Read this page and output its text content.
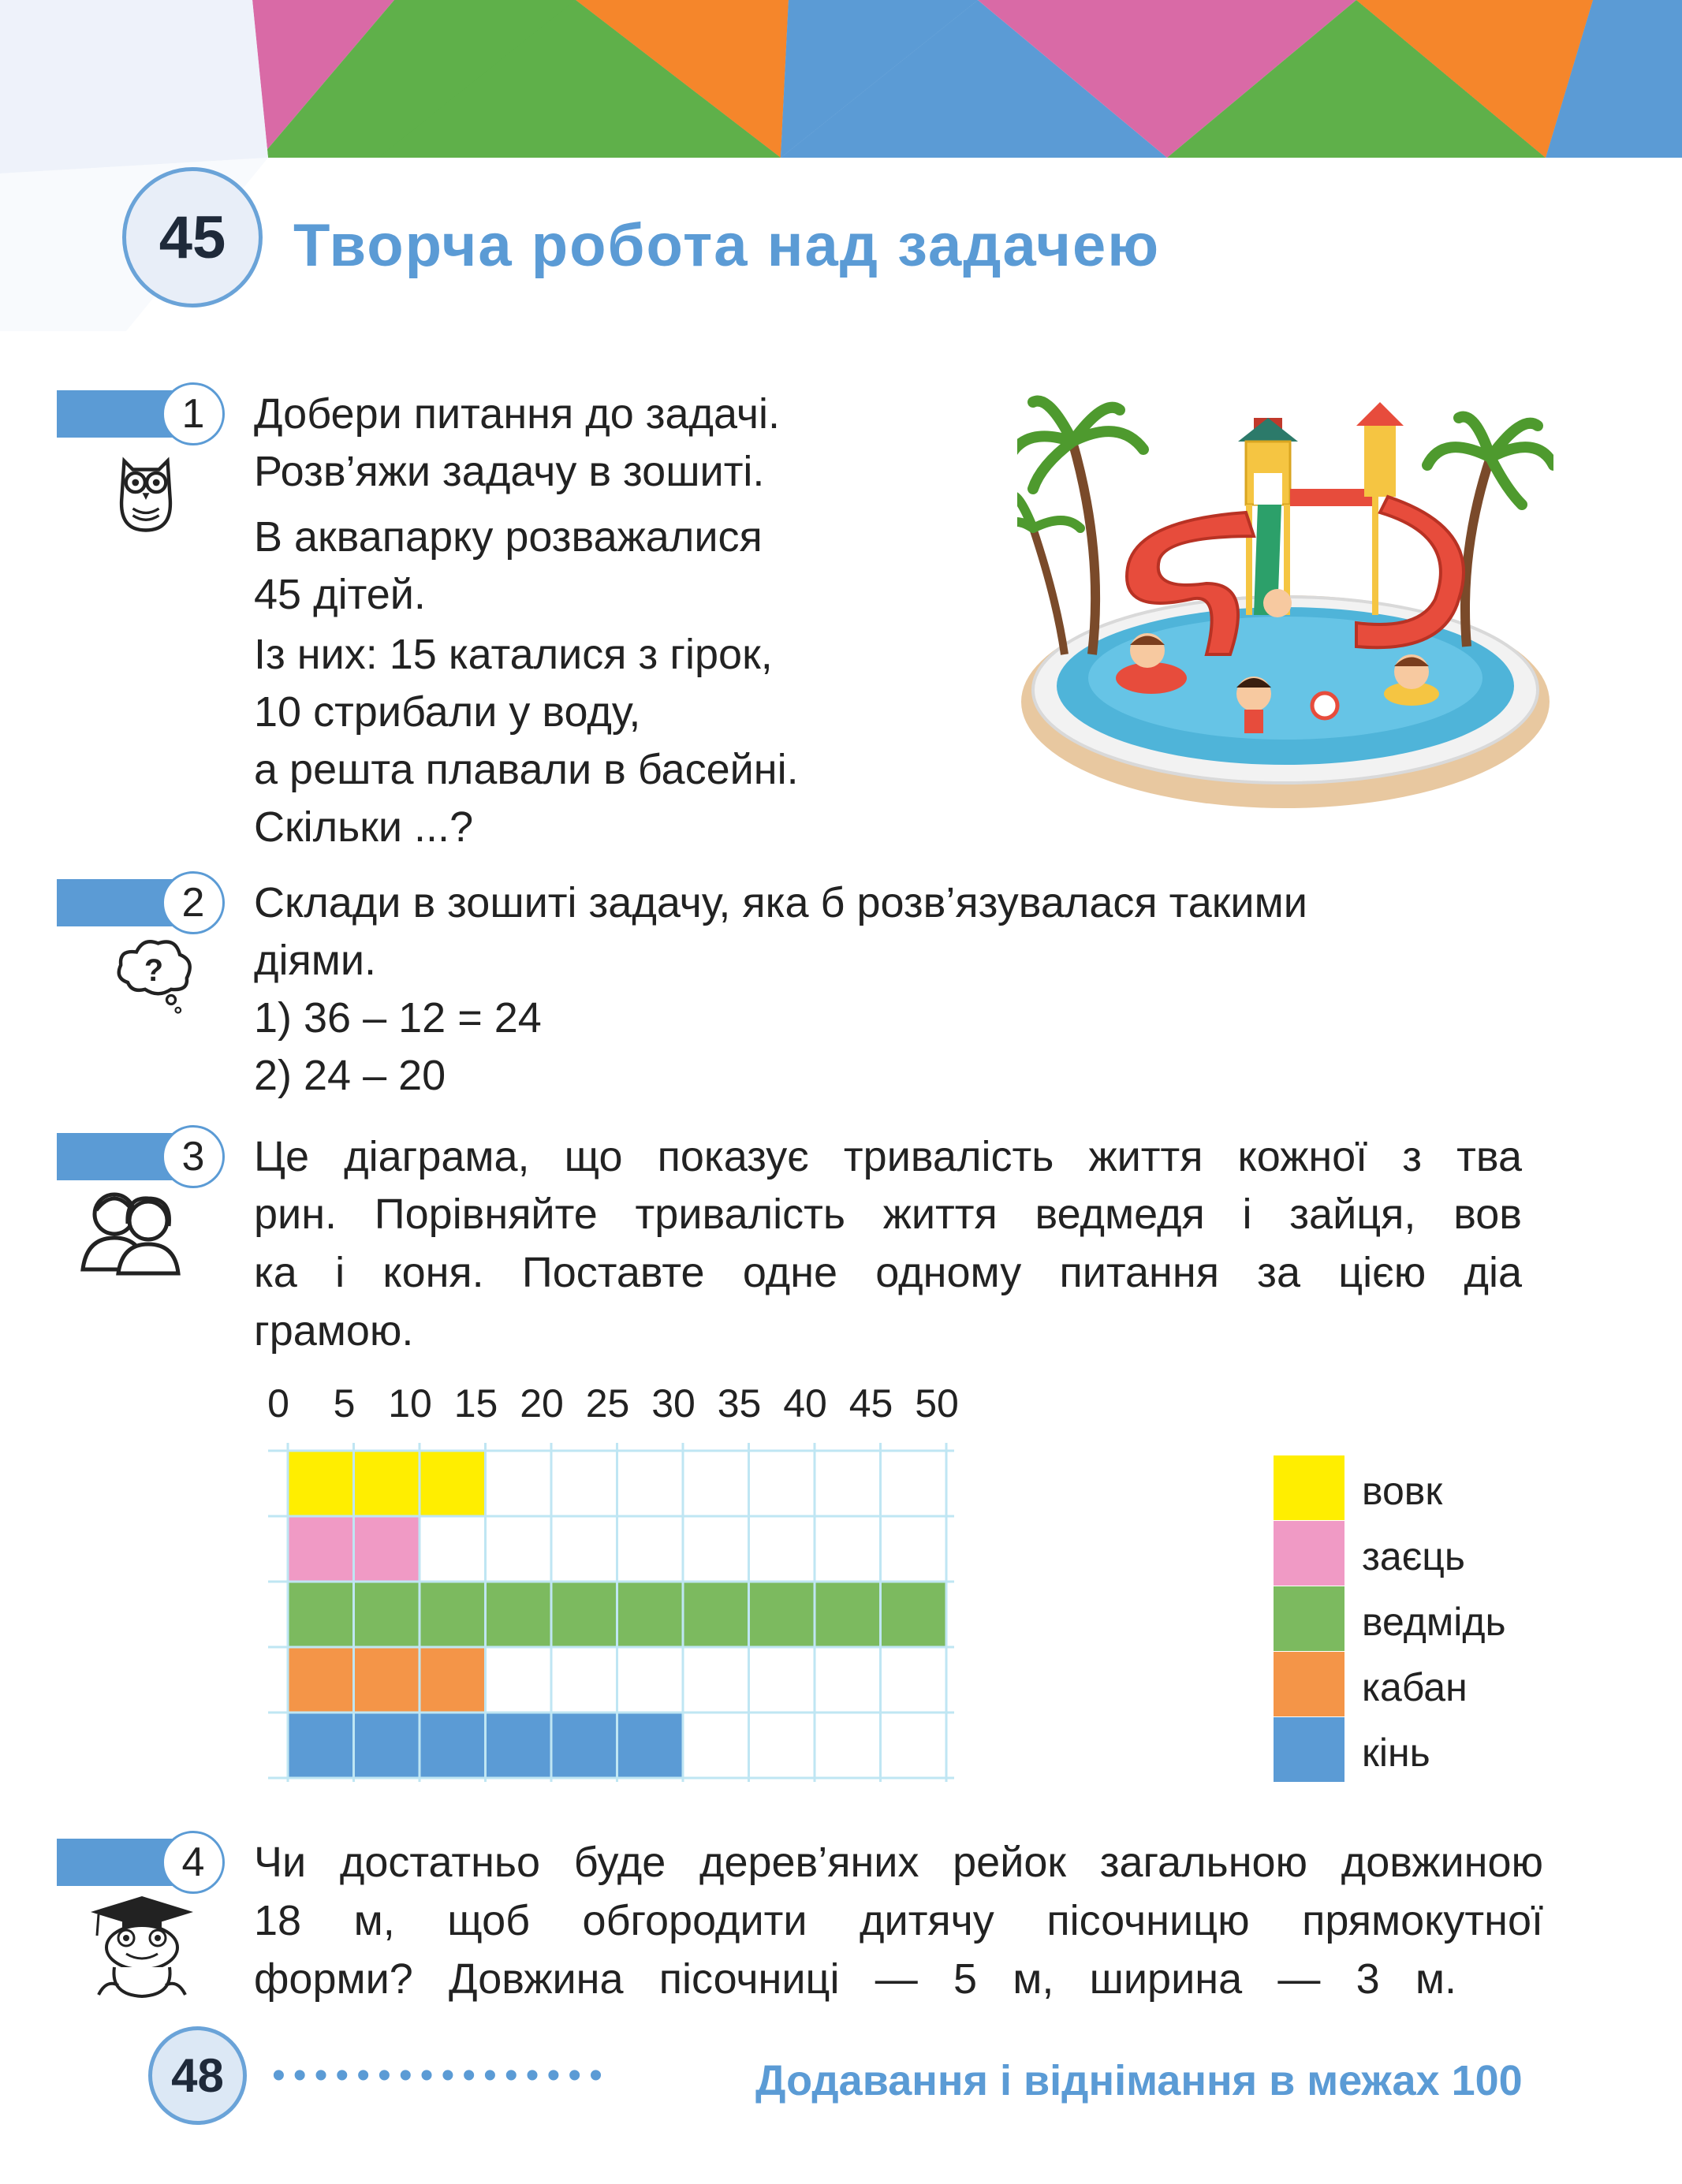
45	Творча робота над задачею
1	Добери питання до задачі.
Розв’яжи задачу в зошиті.
В аквапарку розважалися
45 дітей.
Із них: 15 каталися з гірок,
10 стрибали у воду,
а решта плавали в басейні.
Скільки ...?
2
?
Склади в зошиті задачу, яка б розв’язувалася такими
діями.
1) 36 – 12 = 24
2) 24 – 20
3	Це діаграма, що показує тривалість життя кожної з тва
рин. Порівняйте тривалість життя ведмедя і зайця, вов
ка і коня. Поставте одне одному питання за цією діа
грамою.
0 5 10 15 20 25 30 35 40 45 50
вовк
заєць
ведмідь
кабан
кінь
4	Чи достатньо буде дерев’яних рейок загальною довжиною
18 м, щоб обгородити дитячу пісочницю прямокутної
форми? Довжина пісочниці — 5 м, ширина — 3 м.
48	••••••••••••••••	Додавання і віднімання в межах 100
